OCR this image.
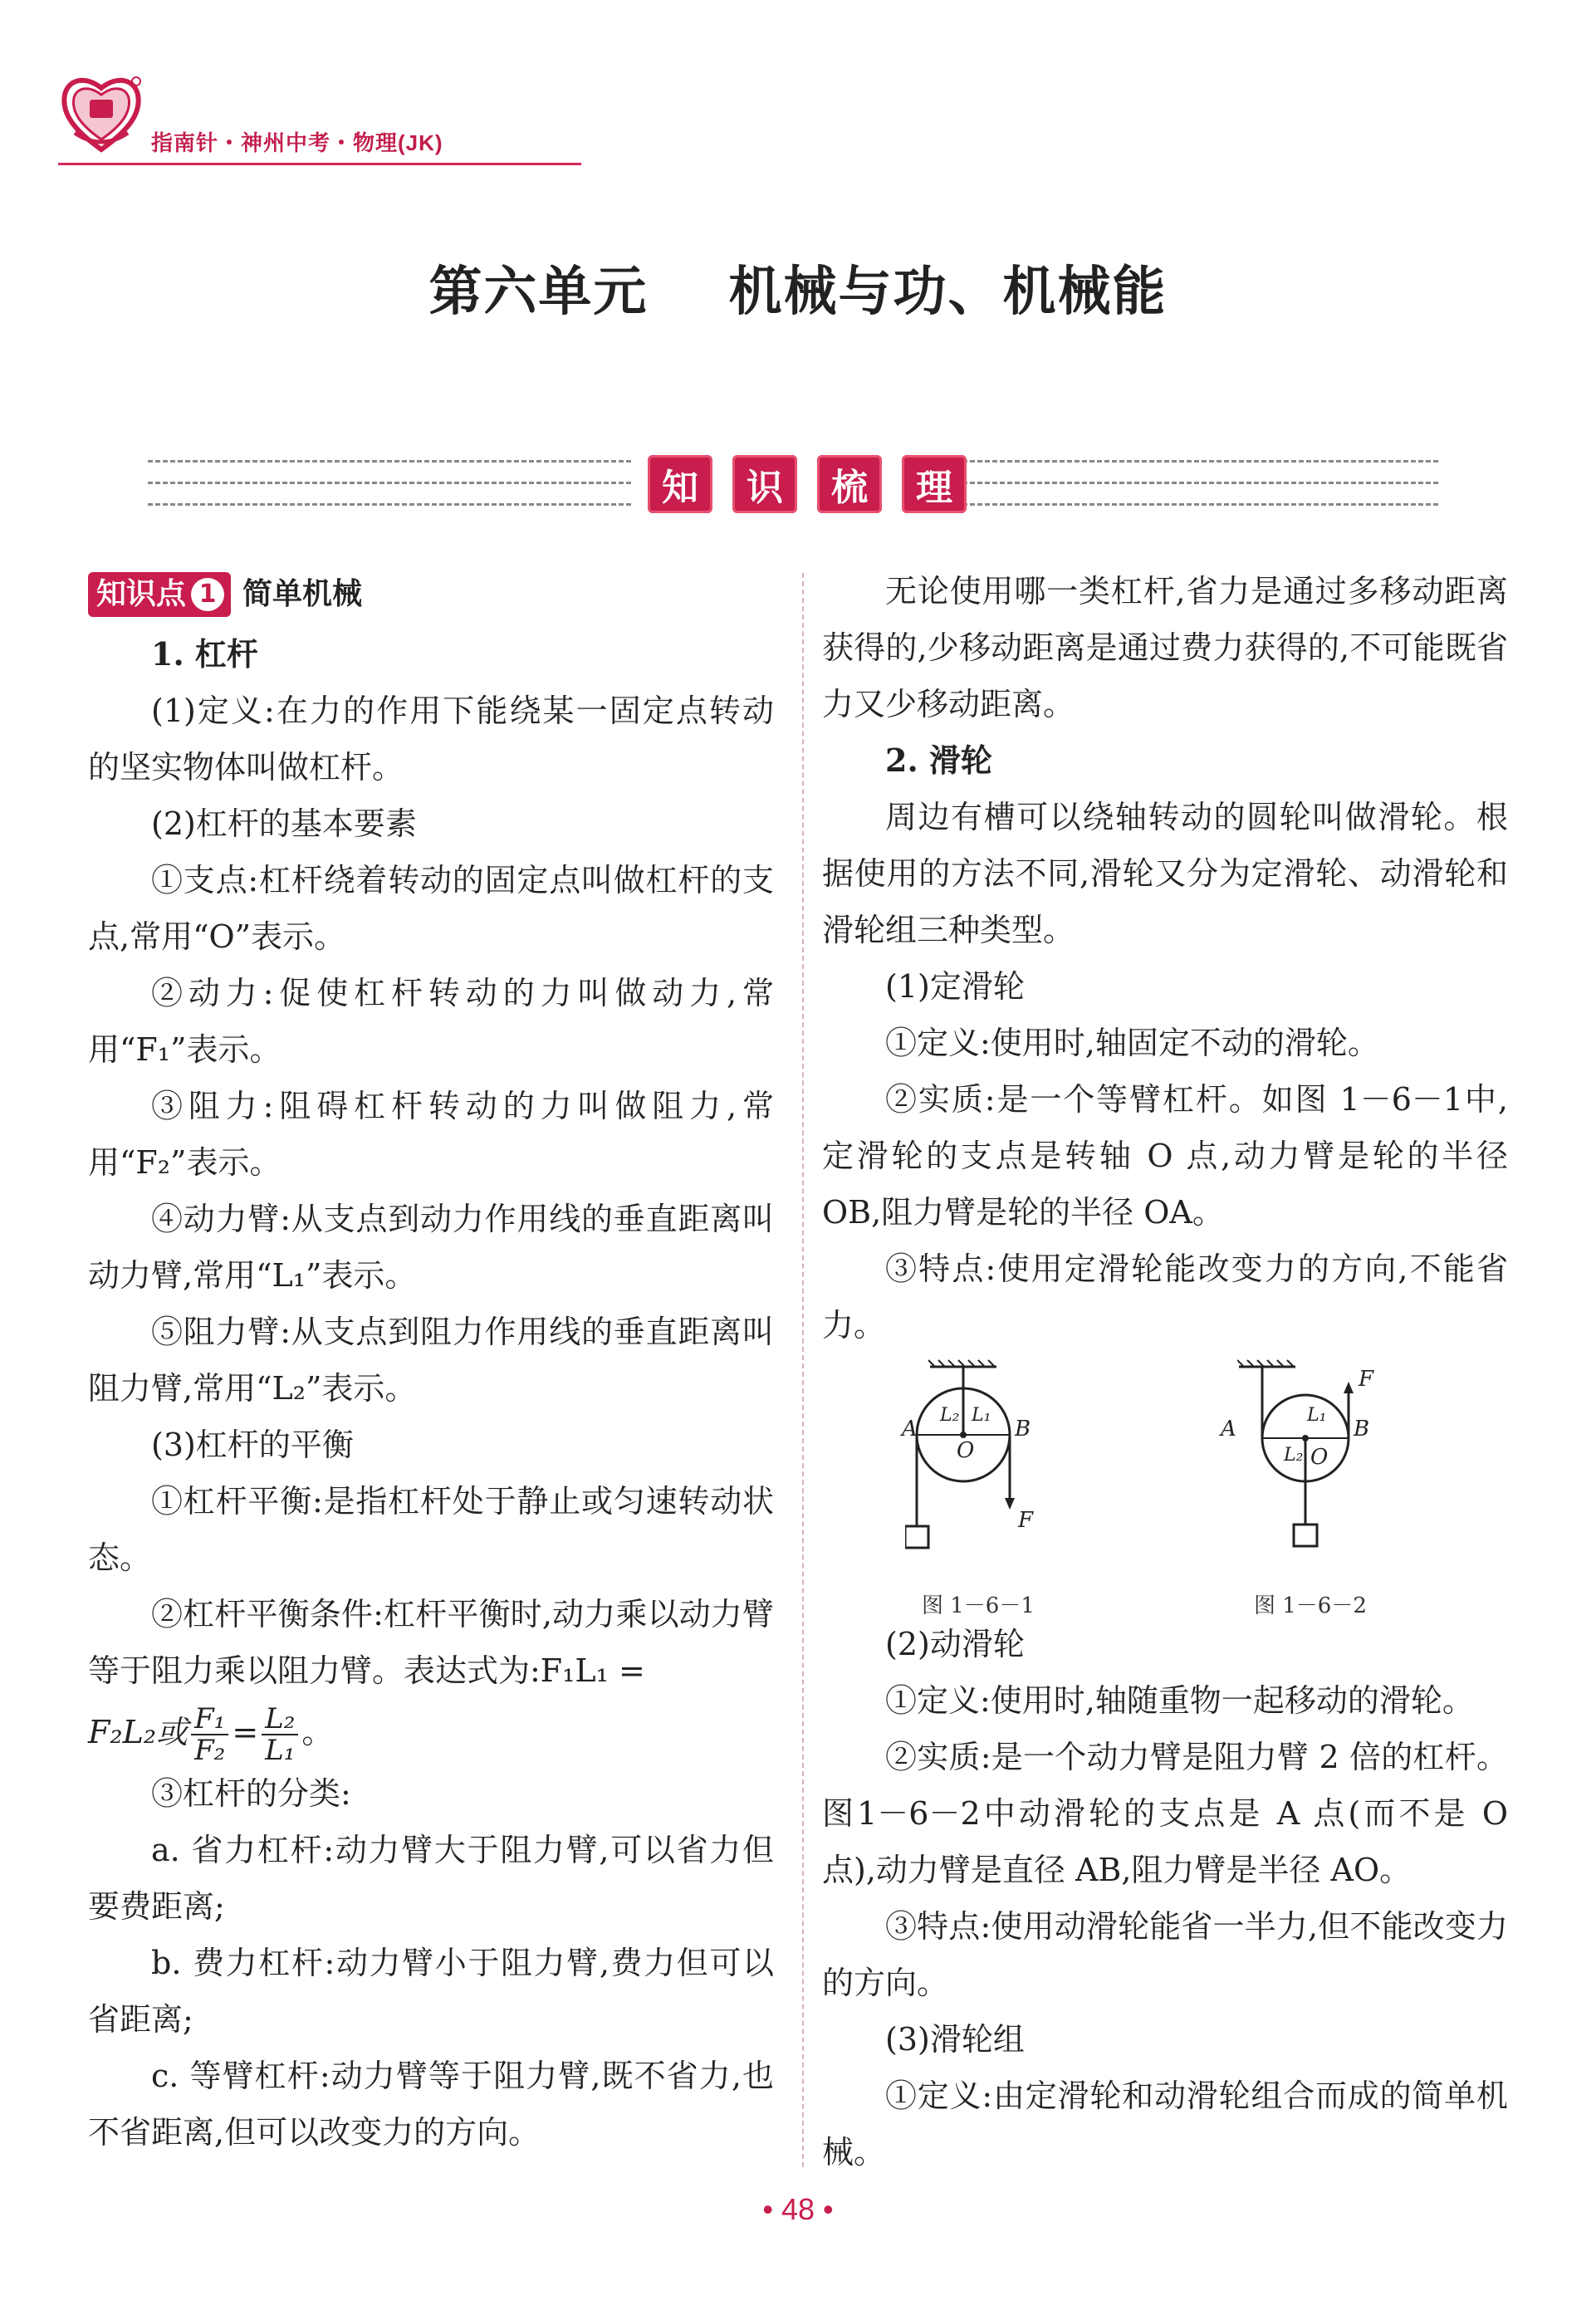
指南针・神州中考・物理(JK)
第六单元    机械与功、机械能
知	识	梳	理

知识点 1 简单机械

1. 杠杆

(1)定义:在力的作用下能绕某一固定点转动的坚实物体叫做杠杆。

(2)杠杆的基本要素

①支点:杠杆绕着转动的固定点叫做杠杆的支点,常用“O”表示。

②动力:促使杠杆转动的力叫做动力,常用“F₁”表示。

③阻力:阻碍杠杆转动的力叫做阻力,常用“F₂”表示。

④动力臂:从支点到动力作用线的垂直距离叫动力臂,常用“L₁”表示。

⑤阻力臂:从支点到阻力作用线的垂直距离叫阻力臂,常用“L₂”表示。

(3)杠杆的平衡

①杠杆平衡:是指杠杆处于静止或匀速转动状态。

②杠杆平衡条件:杠杆平衡时,动力乘以动力臂等于阻力乘以阻力臂。表达式为:F₁L₁ =

F₂L₂或 $\frac{\text{F₁}}{\text{F₂}} = \frac{\text{L₂}}{\text{L₁}}$ 。

③杠杆的分类:

a. 省力杠杆:动力臂大于阻力臂,可以省力但要费距离;

b. 费力杠杆:动力臂小于阻力臂,费力但可以省距离;

c. 等臂杠杆:动力臂等于阻力臂,既不省力,也不省距离,但可以改变力的方向。

无论使用哪一类杠杆,省力是通过多移动距离获得的,少移动距离是通过费力获得的,不可能既省力又少移动距离。

2. 滑轮

周边有槽可以绕轴转动的圆轮叫做滑轮。根据使用的方法不同,滑轮又分为定滑轮、动滑轮和滑轮组三种类型。

(1)定滑轮

①定义:使用时,轴固定不动的滑轮。

②实质:是一个等臂杠杆。如图 1－6－1中,定滑轮的支点是转轴 O 点,动力臂是轮的半径 OB,阻力臂是轮的半径 OA。

③特点:使用定滑轮能改变力的方向,不能省力。

A	B
O
L₂ L₁
F
图 1－6－1
A	B
O
L₂
L₁
F
图 1－6－2

(2)动滑轮

①定义:使用时,轴随重物一起移动的滑轮。

②实质:是一个动力臂是阻力臂 2 倍的杠杆。图1－6－2中动滑轮的支点是 A 点(而不是 O 点),动力臂是直径 AB,阻力臂是半径 AO。

③特点:使用动滑轮能省一半力,但不能改变力的方向。

(3)滑轮组

①定义:由定滑轮和动滑轮组合而成的简单机械。

• 48 •
